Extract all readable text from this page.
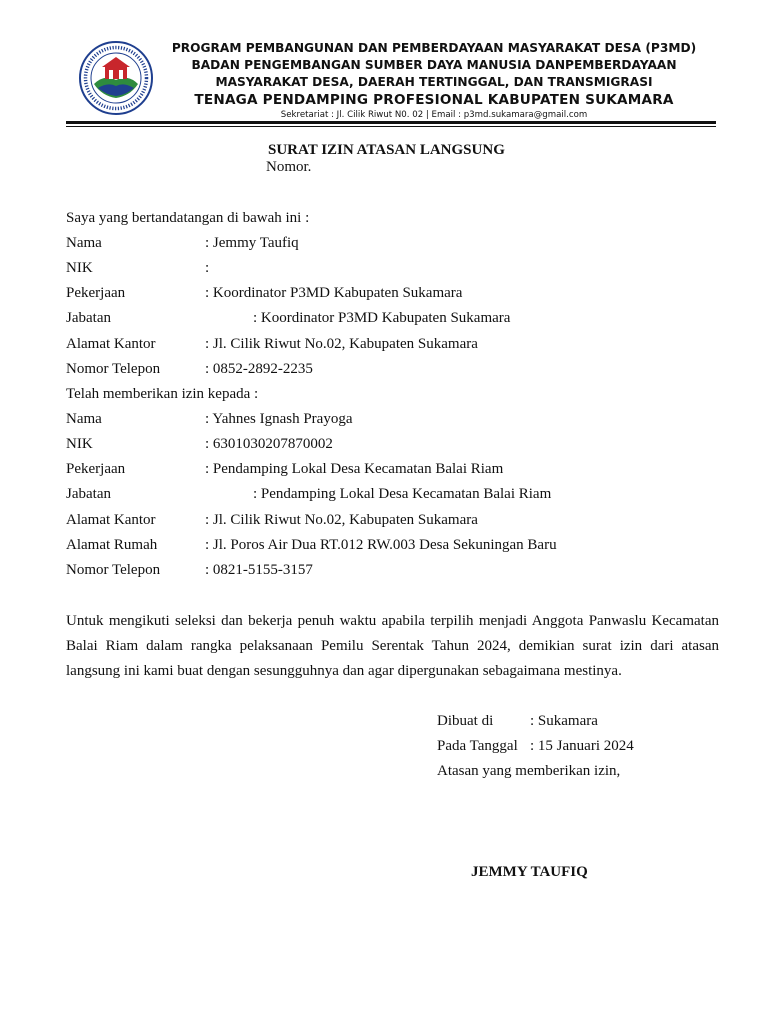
PROGRAM PEMBANGUNAN DAN PEMBERDAYAAN MASYARAKAT DESA (P3MD)
BADAN PENGEMBANGAN SUMBER DAYA MANUSIA DANPEMBERDAYAAN
MASYARAKAT DESA, DAERAH TERTINGGAL, DAN TRANSMIGRASI
TENAGA PENDAMPING PROFESIONAL KABUPATEN SUKAMARA
Sekretariat : Jl. Cilik Riwut N0. 02 | Email : p3md.sukamara@gmail.com
SURAT IZIN ATASAN LANGSUNG
Nomor.
Saya yang bertandatangan di bawah ini :
Nama	: Jemmy Taufiq
NIK	:
Pekerjaan	: Koordinator P3MD Kabupaten Sukamara
Jabatan	: Koordinator P3MD Kabupaten Sukamara
Alamat Kantor	: Jl. Cilik Riwut No.02, Kabupaten Sukamara
Nomor Telepon	: 0852-2892-2235
Telah memberikan izin kepada :
Nama	: Yahnes Ignash Prayoga
NIK	: 6301030207870002
Pekerjaan	: Pendamping Lokal Desa Kecamatan Balai Riam
Jabatan	: Pendamping Lokal Desa Kecamatan Balai Riam
Alamat Kantor	: Jl. Cilik Riwut No.02, Kabupaten Sukamara
Alamat Rumah	: Jl. Poros Air Dua RT.012 RW.003 Desa Sekuningan Baru
Nomor Telepon	: 0821-5155-3157
Untuk mengikuti seleksi dan bekerja penuh waktu apabila terpilih menjadi Anggota Panwaslu Kecamatan Balai Riam dalam rangka pelaksanaan Pemilu Serentak Tahun 2024, demikian surat izin dari atasan langsung ini kami buat dengan sesungguhnya dan agar dipergunakan sebagaimana mestinya.
Dibuat di : Sukamara
Pada Tanggal : 15 Januari 2024
Atasan yang memberikan izin,
JEMMY TAUFIQ
